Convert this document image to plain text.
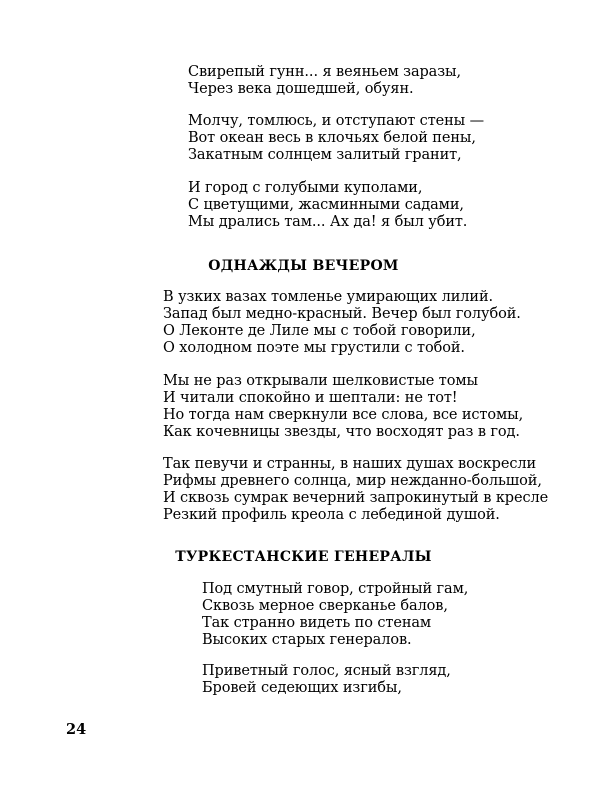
Свирепый гунн... я веяньем заразы,
Через века дошедшей, обуян.
Молчу, томлюсь, и отступают стены —
Вот океан весь в клочьях белой пены,
Закатным солнцем залитый гранит,
И город с голубыми куполами,
С цветущими, жасминными садами,
Мы дрались там... Ах да! я был убит.
ОДНАЖДЫ ВЕЧЕРОМ
В узких вазах томленье умирающих лилий.
Запад был медно-красный. Вечер был голубой.
О Леконте де Лиле мы с тобой говорили,
О холодном поэте мы грустили с тобой.
Мы не раз открывали шелковистые томы
И читали спокойно и шептали: не тот!
Но тогда нам сверкнули все слова, все истомы,
Как кочевницы звезды, что восходят раз в год.
Так певучи и странны, в наших душах воскресли
Рифмы древнего солнца, мир нежданно-большой,
И сквозь сумрак вечерний запрокинутый в кресле
Резкий профиль креола с лебединой душой.
ТУРКЕСТАНСКИЕ ГЕНЕРАЛЫ
Под смутный говор, стройный гам,
Сквозь мерное сверканье балов,
Так странно видеть по стенам
Высоких старых генералов.
Приветный голос, ясный взгляд,
Бровей седеющих изгибы,
24
